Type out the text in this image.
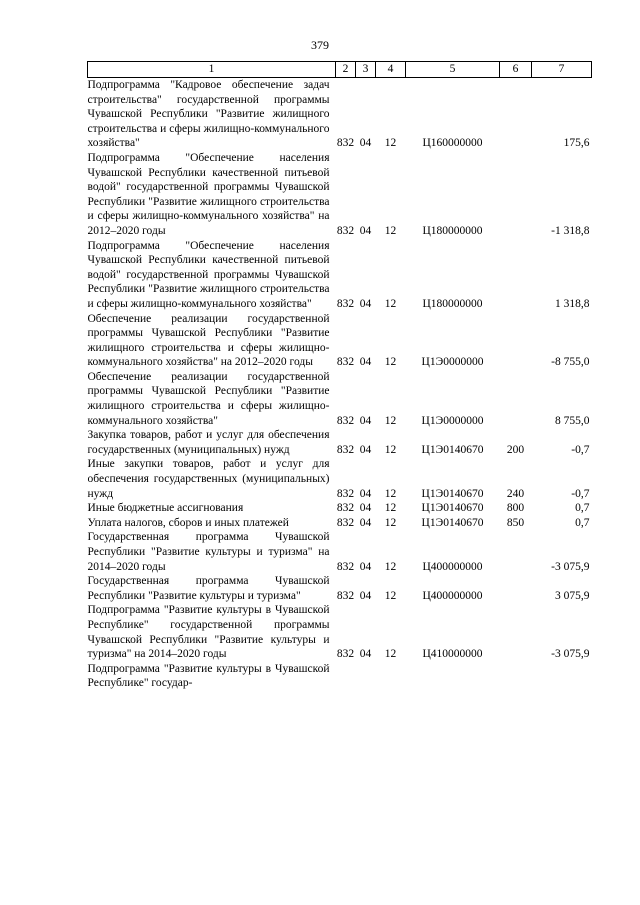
379
1	2	3	4	5	6	7
Подпрограмма "Кадровое обеспечение задач строительства" государственной программы Чувашской Республики "Развитие жилищного строительства и сферы жилищно-коммунального хозяйства"	832	04	12	Ц160000000		175,6
Подпрограмма "Обеспечение населения Чувашской Республики качественной питьевой водой" государственной программы Чувашской Республики "Развитие жилищного строительства и сферы жилищно-коммунального хозяйства" на 2012–2020 годы	832	04	12	Ц180000000		-1 318,8
Подпрограмма "Обеспечение населения Чувашской Республики качественной питьевой водой" государственной программы Чувашской Республики "Развитие жилищного строительства и сферы жилищно-коммунального хозяйства"	832	04	12	Ц180000000		1 318,8
Обеспечение реализации государственной программы Чувашской Республики "Развитие жилищного строительства и сферы жилищно-коммунального хозяйства" на 2012–2020 годы	832	04	12	Ц1Э0000000		-8 755,0
Обеспечение реализации государственной программы Чувашской Республики "Развитие жилищного строительства и сферы жилищно-коммунального хозяйства"	832	04	12	Ц1Э0000000		8 755,0
Закупка товаров, работ и услуг для обеспечения государственных (муниципальных) нужд	832	04	12	Ц1Э0140670	200	-0,7
Иные закупки товаров, работ и услуг для обеспечения государственных (муниципальных) нужд	832	04	12	Ц1Э0140670	240	-0,7
Иные бюджетные ассигнования	832	04	12	Ц1Э0140670	800	0,7
Уплата налогов, сборов и иных платежей	832	04	12	Ц1Э0140670	850	0,7
Государственная программа Чувашской Республики "Развитие культуры и туризма" на 2014–2020 годы	832	04	12	Ц400000000		-3 075,9
Государственная программа Чувашской Республики "Развитие культуры и туризма"	832	04	12	Ц400000000		3 075,9
Подпрограмма "Развитие культуры в Чувашской Республике" государственной программы Чувашской Республики "Развитие культуры и туризма" на 2014–2020 годы	832	04	12	Ц410000000		-3 075,9
Подпрограмма "Развитие культуры в Чувашской Республике" государ-						
